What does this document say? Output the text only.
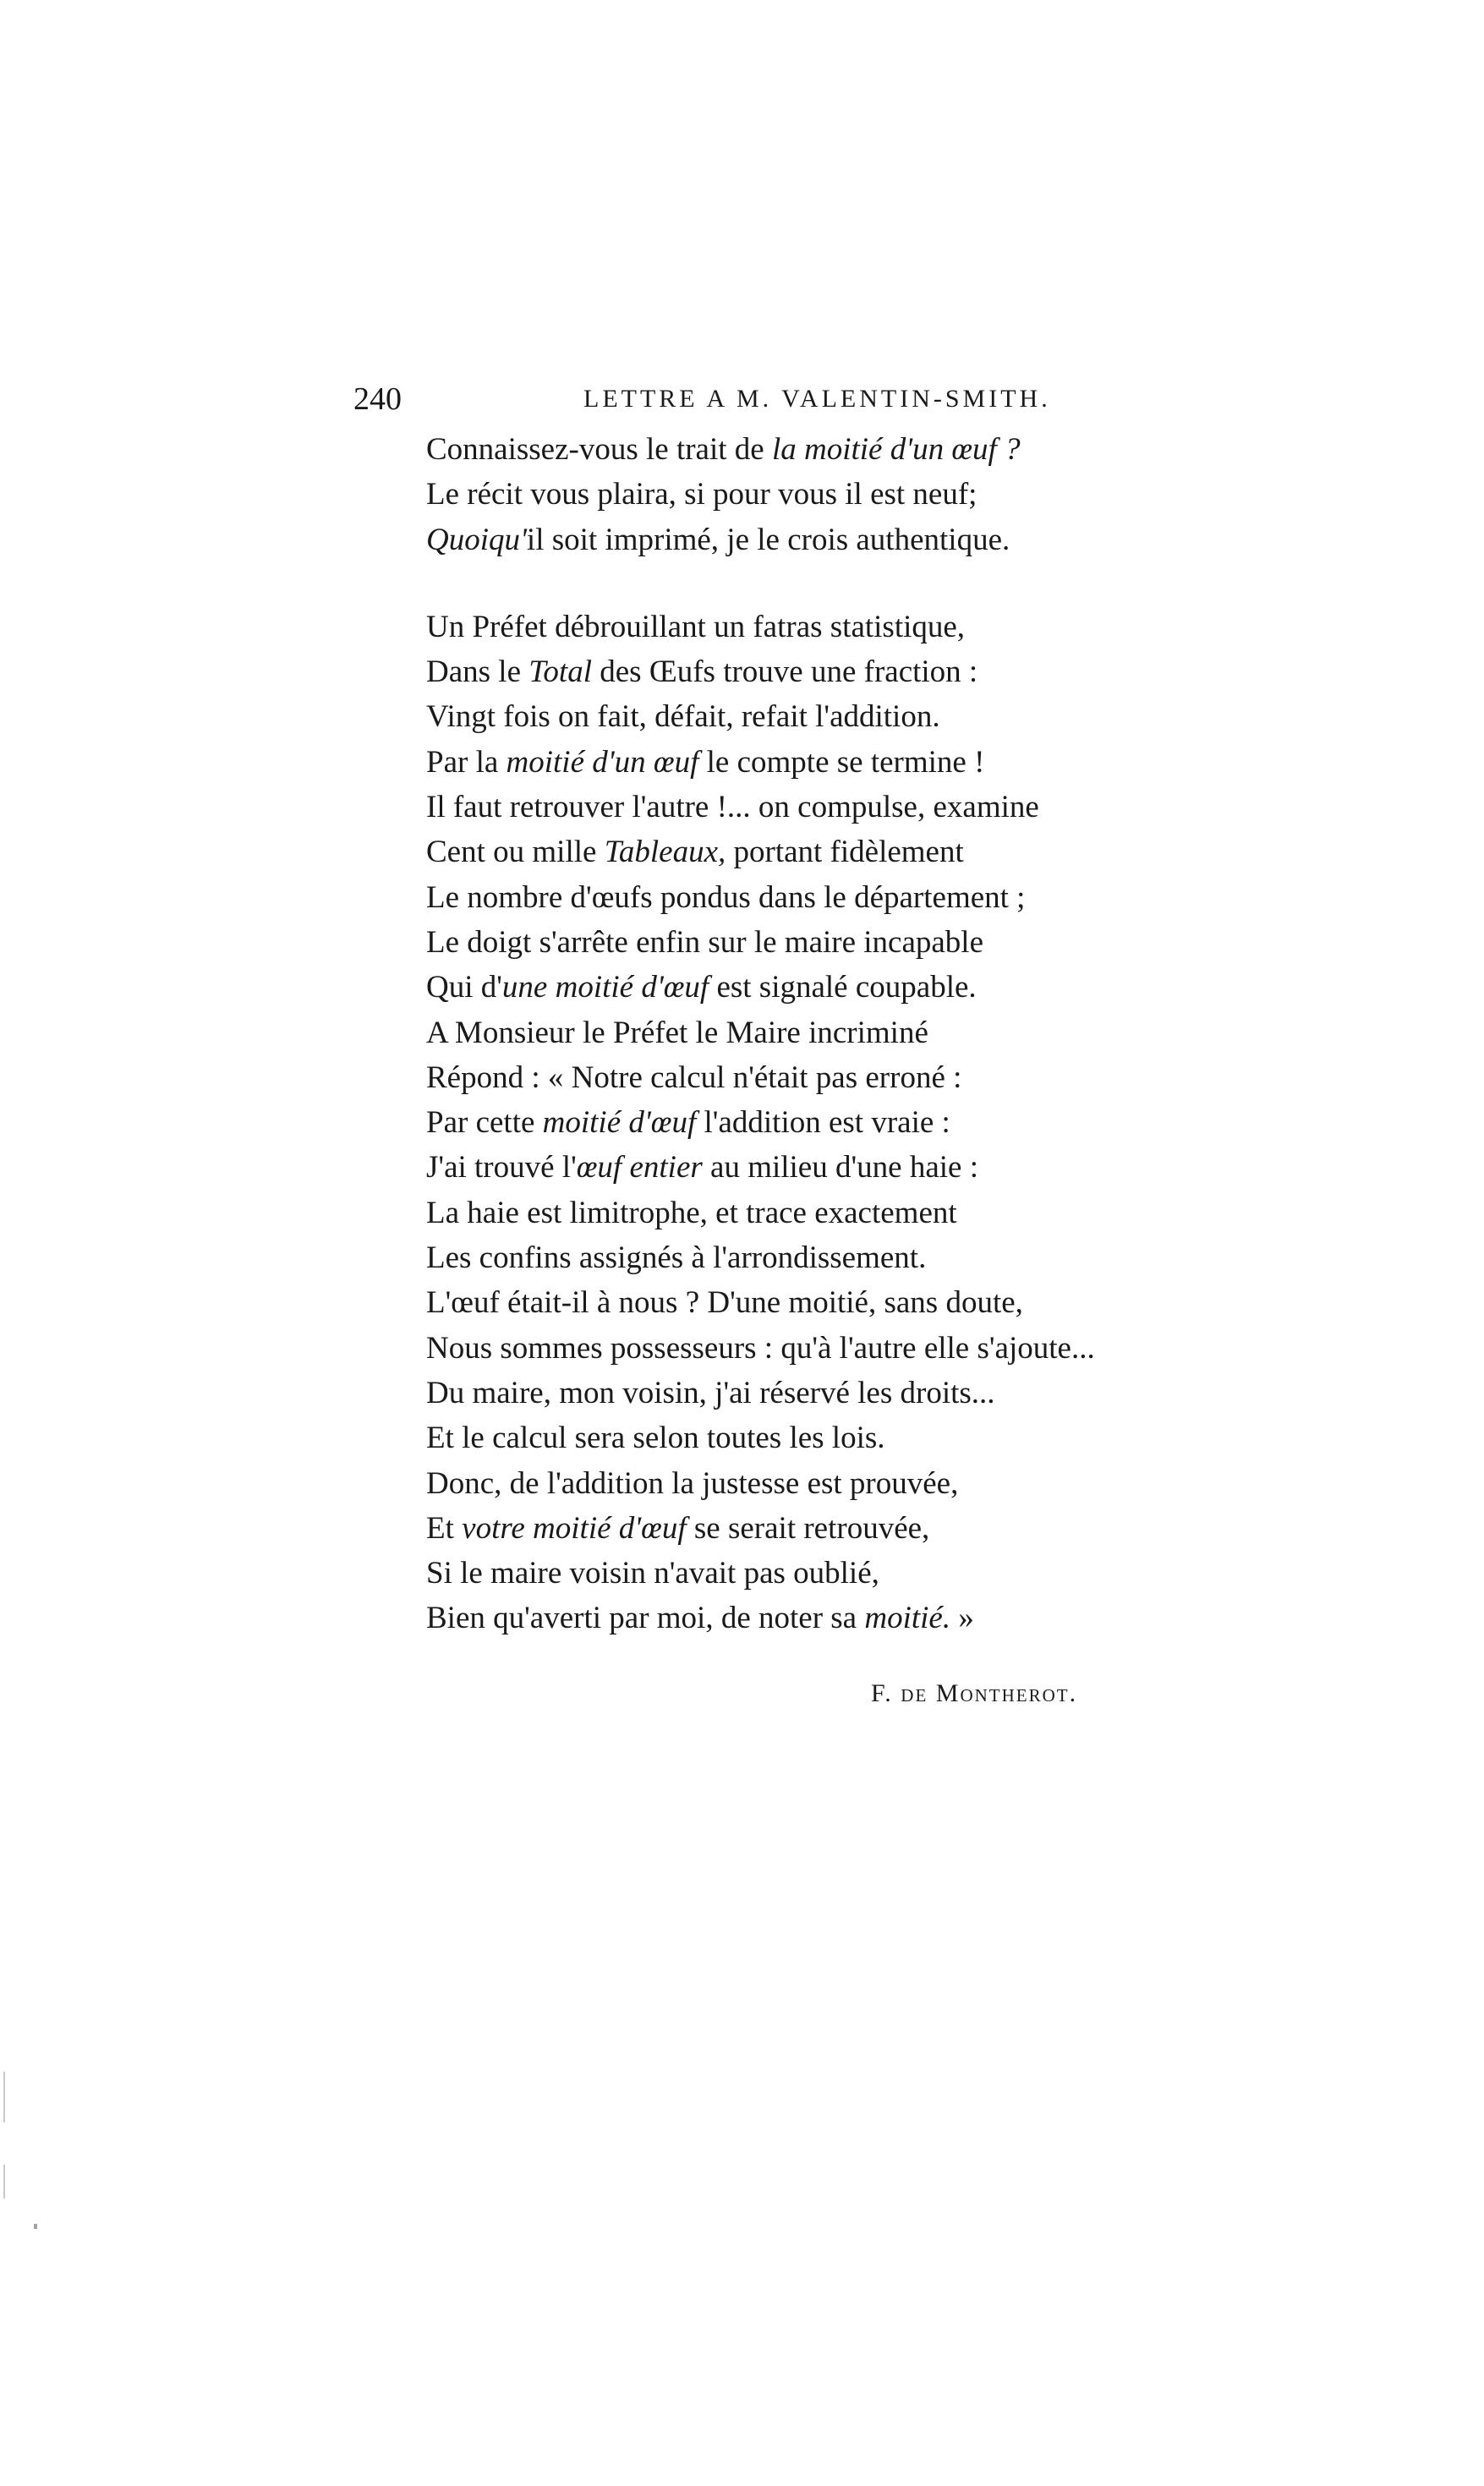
240	LETTRE A M. VALENTIN-SMITH.
Connaissez-vous le trait de la moitié d'un œuf ?
Le récit vous plaira, si pour vous il est neuf;
Quoiqu'il soit imprimé, je le crois authentique.
Un Préfet débrouillant un fatras statistique,
Dans le Total des Œufs trouve une fraction :
Vingt fois on fait, défait, refait l'addition.
Par la moitié d'un œuf le compte se termine !
Il faut retrouver l'autre !... on compulse, examine
Cent ou mille Tableaux, portant fidèlement
Le nombre d'œufs pondus dans le département ;
Le doigt s'arrête enfin sur le maire incapable
Qui d'une moitié d'œuf est signalé coupable.
A Monsieur le Préfet le Maire incriminé
Répond : « Notre calcul n'était pas erroné :
Par cette moitié d'œuf l'addition est vraie :
J'ai trouvé l'œuf entier au milieu d'une haie :
La haie est limitrophe, et trace exactement
Les confins assignés à l'arrondissement.
L'œuf était-il à nous ? D'une moitié, sans doute,
Nous sommes possesseurs : qu'à l'autre elle s'ajoute...
Du maire, mon voisin, j'ai réservé les droits...
Et le calcul sera selon toutes les lois.
Donc, de l'addition la justesse est prouvée,
Et votre moitié d'œuf se serait retrouvée,
Si le maire voisin n'avait pas oublié,
Bien qu'averti par moi, de noter sa moitié. »
F. de Montherot.
